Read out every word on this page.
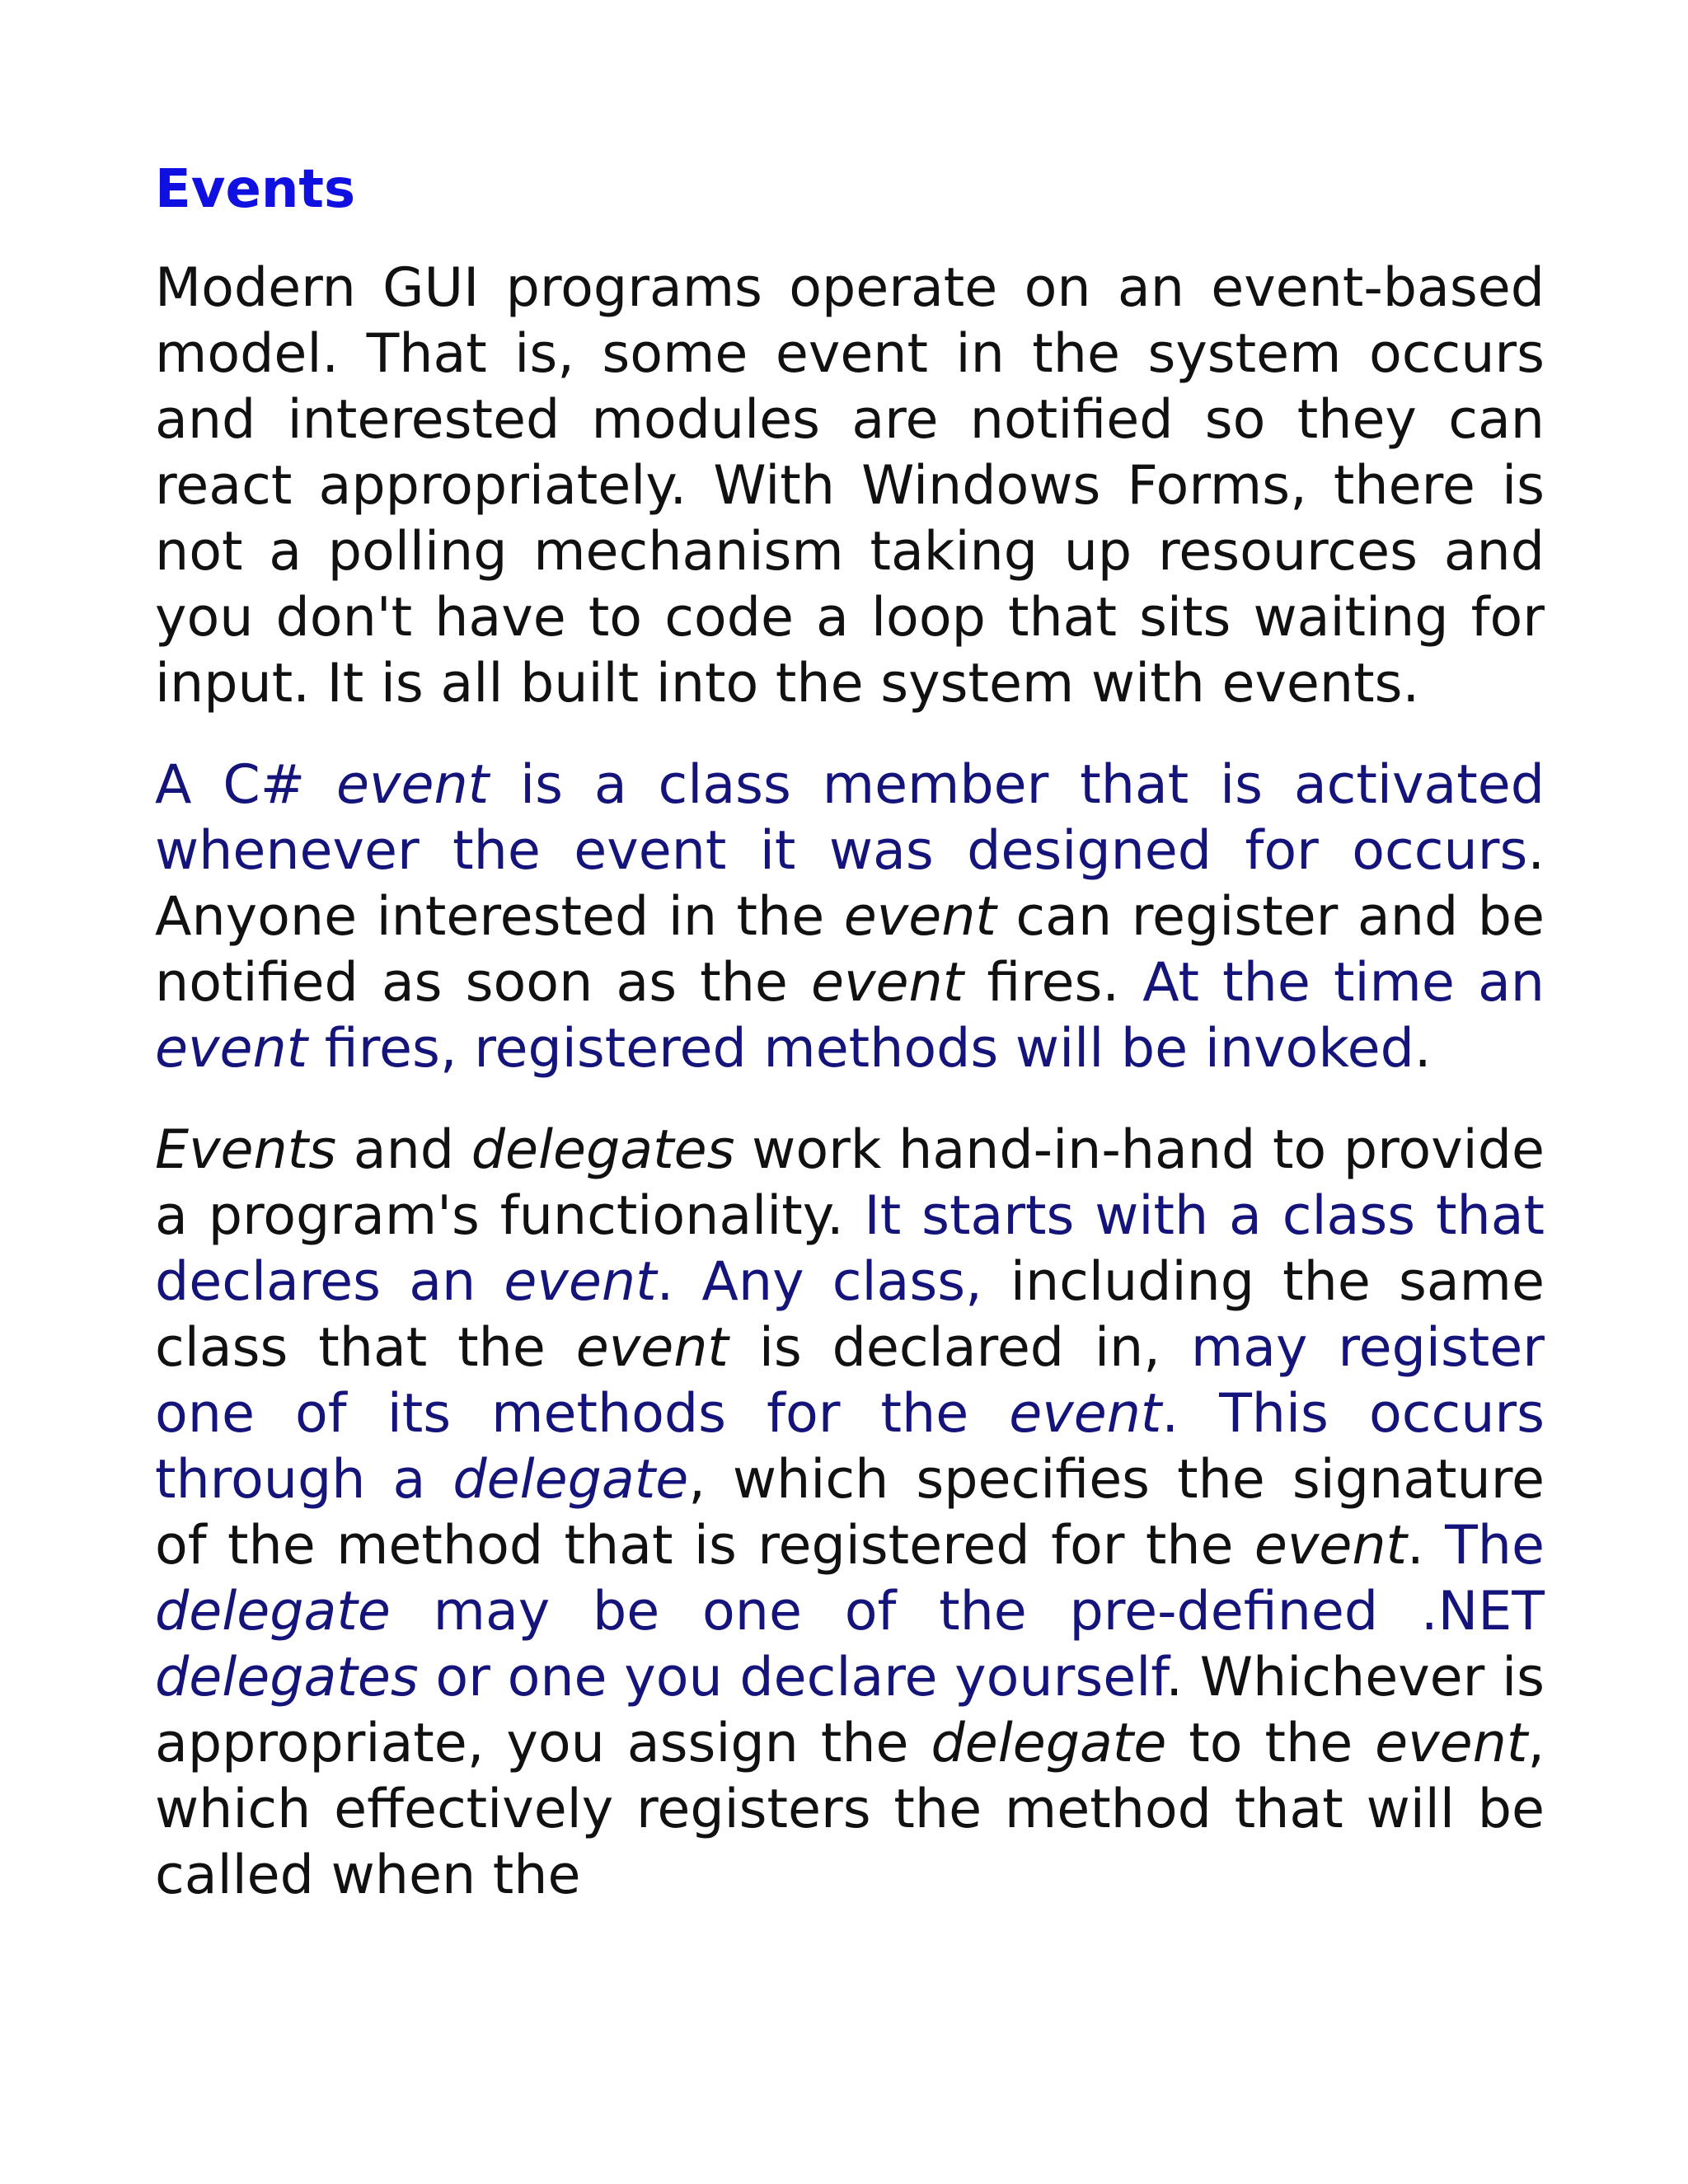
Events

Modern GUI programs operate on an event-based model. That is, some event in the system occurs and interested modules are notified so they can react appropriately. With Windows Forms, there is not a polling mechanism taking up resources and you don't have to code a loop that sits waiting for input. It is all built into the system with events.

A C# event is a class member that is activated whenever the event it was designed for occurs. Anyone interested in the event can register and be notified as soon as the event fires. At the time an event fires, registered methods will be invoked.

Events and delegates work hand-in-hand to provide a program's functionality. It starts with a class that declares an event. Any class, including the same class that the event is declared in, may register one of its methods for the event. This occurs through a delegate, which specifies the signature of the method that is registered for the event. The delegate may be one of the pre-defined .NET delegates or one you declare yourself. Whichever is appropriate, you assign the delegate to the event, which effectively registers the method that will be called when the
